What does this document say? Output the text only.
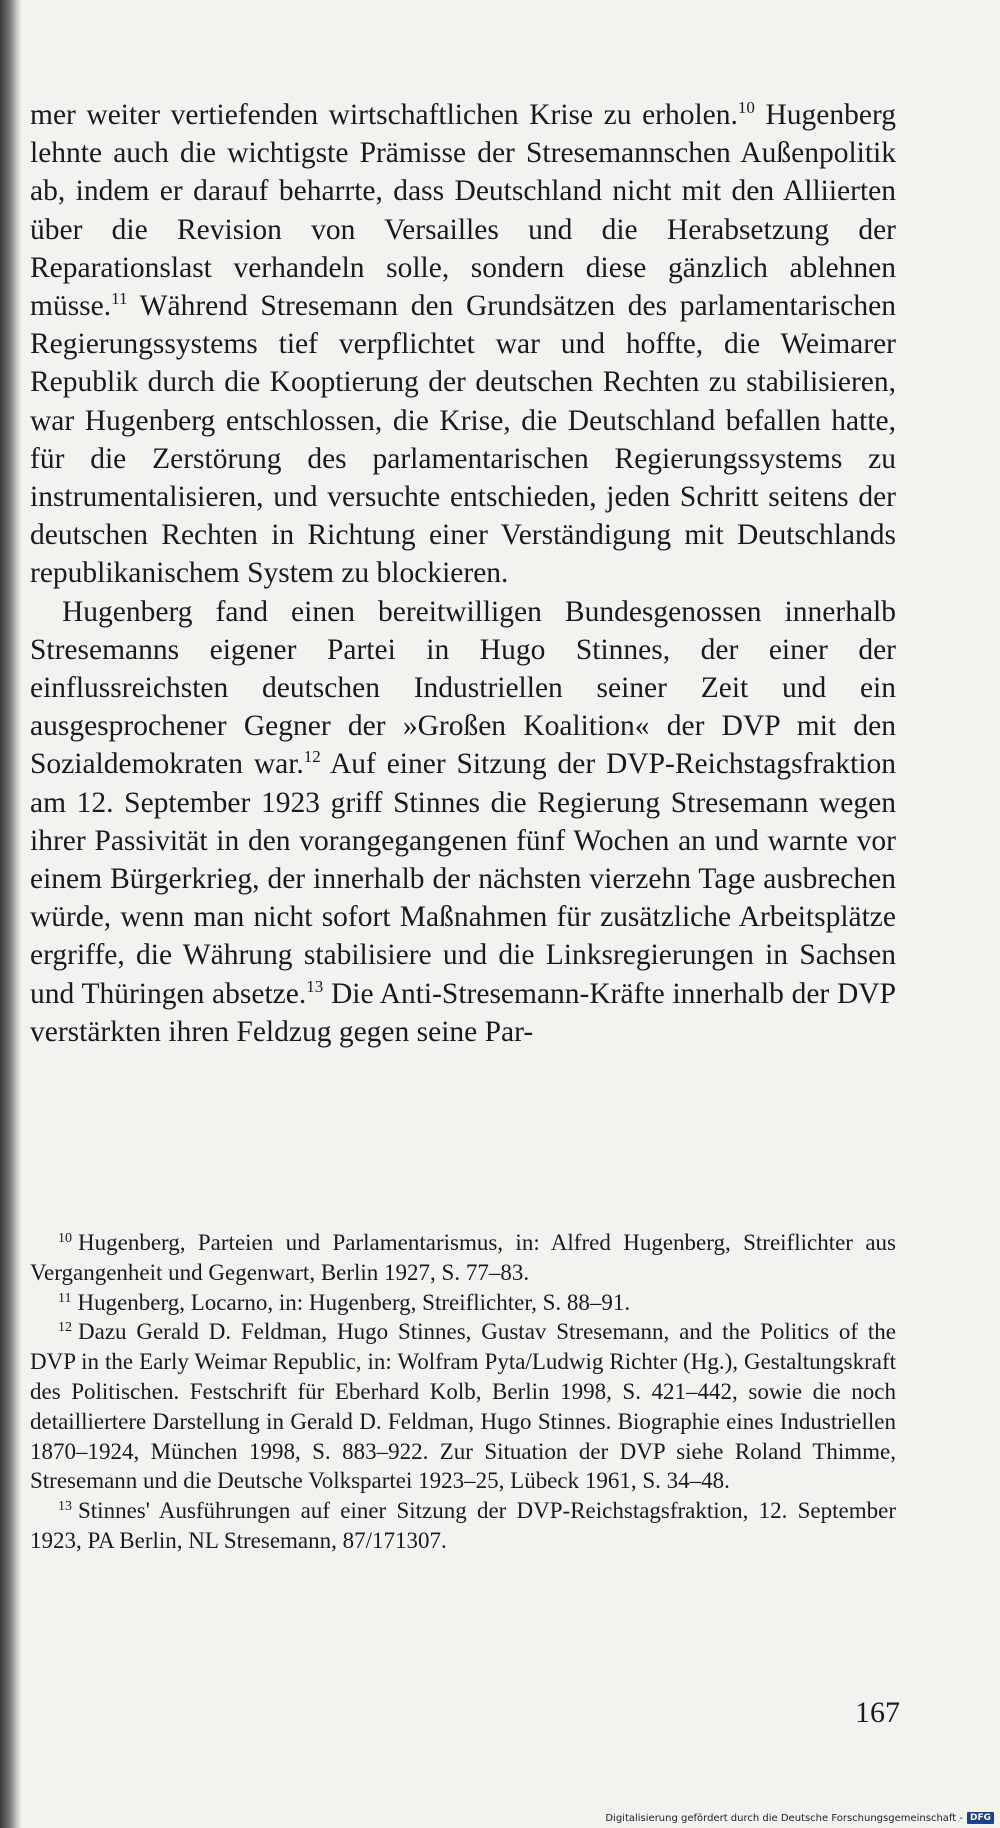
mer weiter vertiefenden wirtschaftlichen Krise zu erholen.$^{10}$ Hugenberg lehnte auch die wichtigste Prämisse der Stresemannschen Außenpolitik ab, indem er darauf beharrte, dass Deutschland nicht mit den Alliierten über die Revision von Versailles und die Herabsetzung der Reparationslast verhandeln solle, sondern diese gänzlich ablehnen müsse.$^{11}$ Während Stresemann den Grundsätzen des parlamentarischen Regierungssystems tief verpflichtet war und hoffte, die Weimarer Republik durch die Kooptierung der deutschen Rechten zu stabilisieren, war Hugenberg entschlossen, die Krise, die Deutschland befallen hatte, für die Zerstörung des parlamentarischen Regierungssystems zu instrumentalisieren, und versuchte entschieden, jeden Schritt seitens der deutschen Rechten in Richtung einer Verständigung mit Deutschlands republikanischem System zu blockieren.

Hugenberg fand einen bereitwilligen Bundesgenossen innerhalb Stresemanns eigener Partei in Hugo Stinnes, der einer der einflussreichsten deutschen Industriellen seiner Zeit und ein ausgesprochener Gegner der »Großen Koalition« der DVP mit den Sozialdemokraten war.$^{12}$ Auf einer Sitzung der DVP-Reichstagsfraktion am 12. September 1923 griff Stinnes die Regierung Stresemann wegen ihrer Passivität in den vorangegangenen fünf Wochen an und warnte vor einem Bürgerkrieg, der innerhalb der nächsten vierzehn Tage ausbrechen würde, wenn man nicht sofort Maßnahmen für zusätzliche Arbeitsplätze ergriffe, die Währung stabilisiere und die Linksregierungen in Sachsen und Thüringen absetze.$^{13}$ Die Anti-Stresemann-Kräfte innerhalb der DVP verstärkten ihren Feldzug gegen seine Par-

$^{10}$ Hugenberg, Parteien und Parlamentarismus, in: Alfred Hugenberg, Streiflichter aus Vergangenheit und Gegenwart, Berlin 1927, S. 77–83.

$^{11}$ Hugenberg, Locarno, in: Hugenberg, Streiflichter, S. 88–91.

$^{12}$ Dazu Gerald D. Feldman, Hugo Stinnes, Gustav Stresemann, and the Politics of the DVP in the Early Weimar Republic, in: Wolfram Pyta/Ludwig Richter (Hg.), Gestaltungskraft des Politischen. Festschrift für Eberhard Kolb, Berlin 1998, S. 421–442, sowie die noch detailliertere Darstellung in Gerald D. Feldman, Hugo Stinnes. Biographie eines Industriellen 1870–1924, München 1998, S. 883–922. Zur Situation der DVP siehe Roland Thimme, Stresemann und die Deutsche Volkspartei 1923–25, Lübeck 1961, S. 34–48.

$^{13}$ Stinnes' Ausführungen auf einer Sitzung der DVP-Reichstagsfraktion, 12. September 1923, PA Berlin, NL Stresemann, 87/171307.

167
Digitalisierung gefördert durch die Deutsche Forschungsgemeinschaft - DFG
